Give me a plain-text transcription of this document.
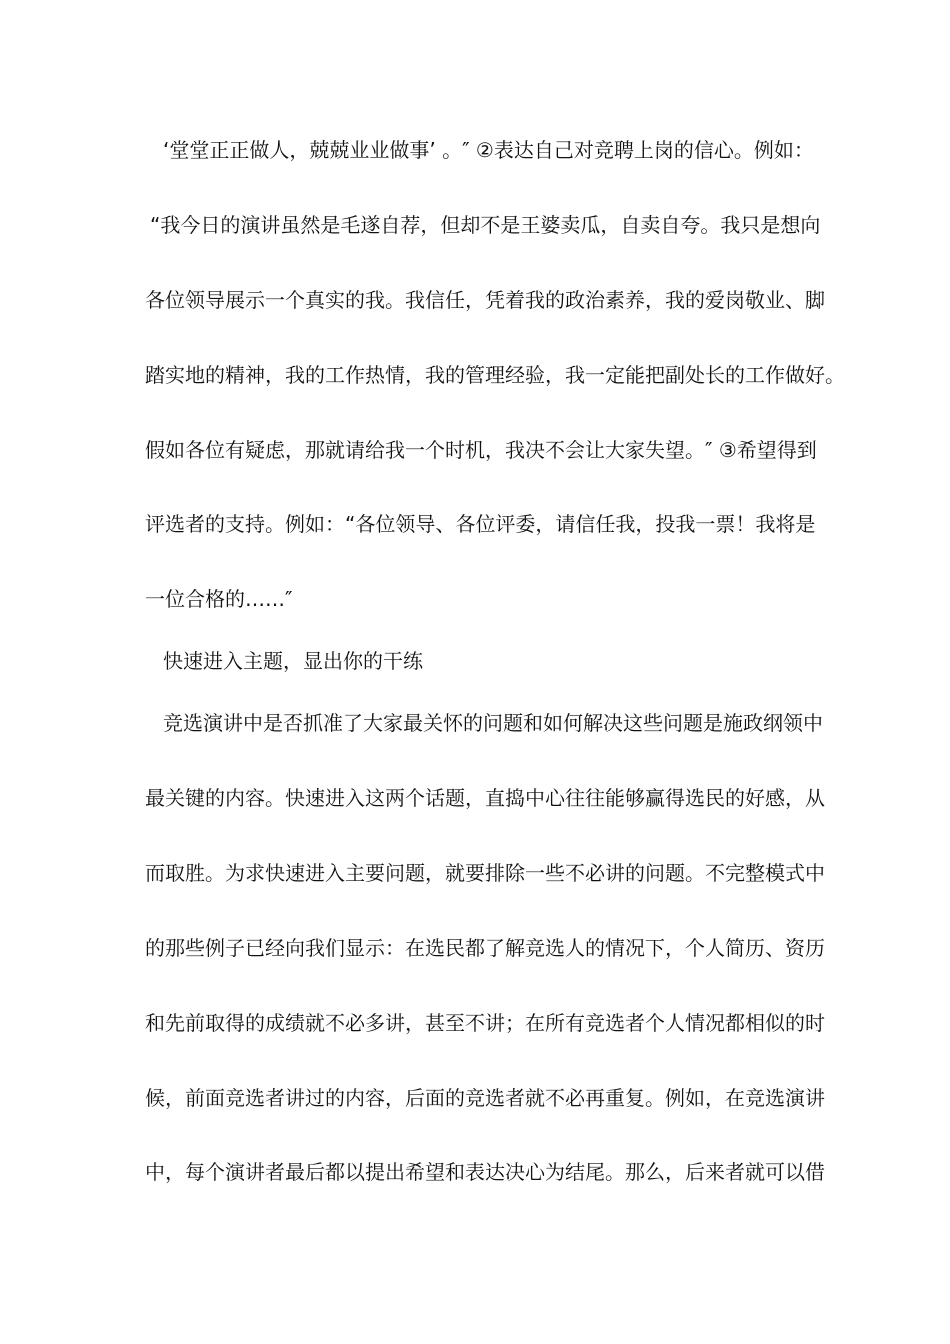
‘堂堂正正做人，兢兢业业做事’ 。″ ②表达自己对竞聘上岗的信心。例如：
“我今日的演讲虽然是毛遂自荐，但却不是王婆卖瓜，自卖自夸。我只是想向
各位领导展示一个真实的我。我信任，凭着我的政治素养，我的爱岗敬业、脚
踏实地的精神，我的工作热情，我的管理经验，我一定能把副处长的工作做好。
假如各位有疑虑，那就请给我一个时机，我决不会让大家失望。″ ③希望得到
评选者的支持。例如：“各位领导、各位评委，请信任我，投我一票！我将是
一位合格的……″
快速进入主题，显出你的干练
竞选演讲中是否抓准了大家最关怀的问题和如何解决这些问题是施政纲领中
最关键的内容。快速进入这两个话题，直捣中心往往能够赢得选民的好感，从
而取胜。为求快速进入主要问题，就要排除一些不必讲的问题。不完整模式中
的那些例子已经向我们显示：在选民都了解竞选人的情况下，个人简历、资历
和先前取得的成绩就不必多讲，甚至不讲；在所有竞选者个人情况都相似的时
候，前面竞选者讲过的内容，后面的竞选者就不必再重复。例如，在竞选演讲
中，每个演讲者最后都以提出希望和表达决心为结尾。那么，后来者就可以借
